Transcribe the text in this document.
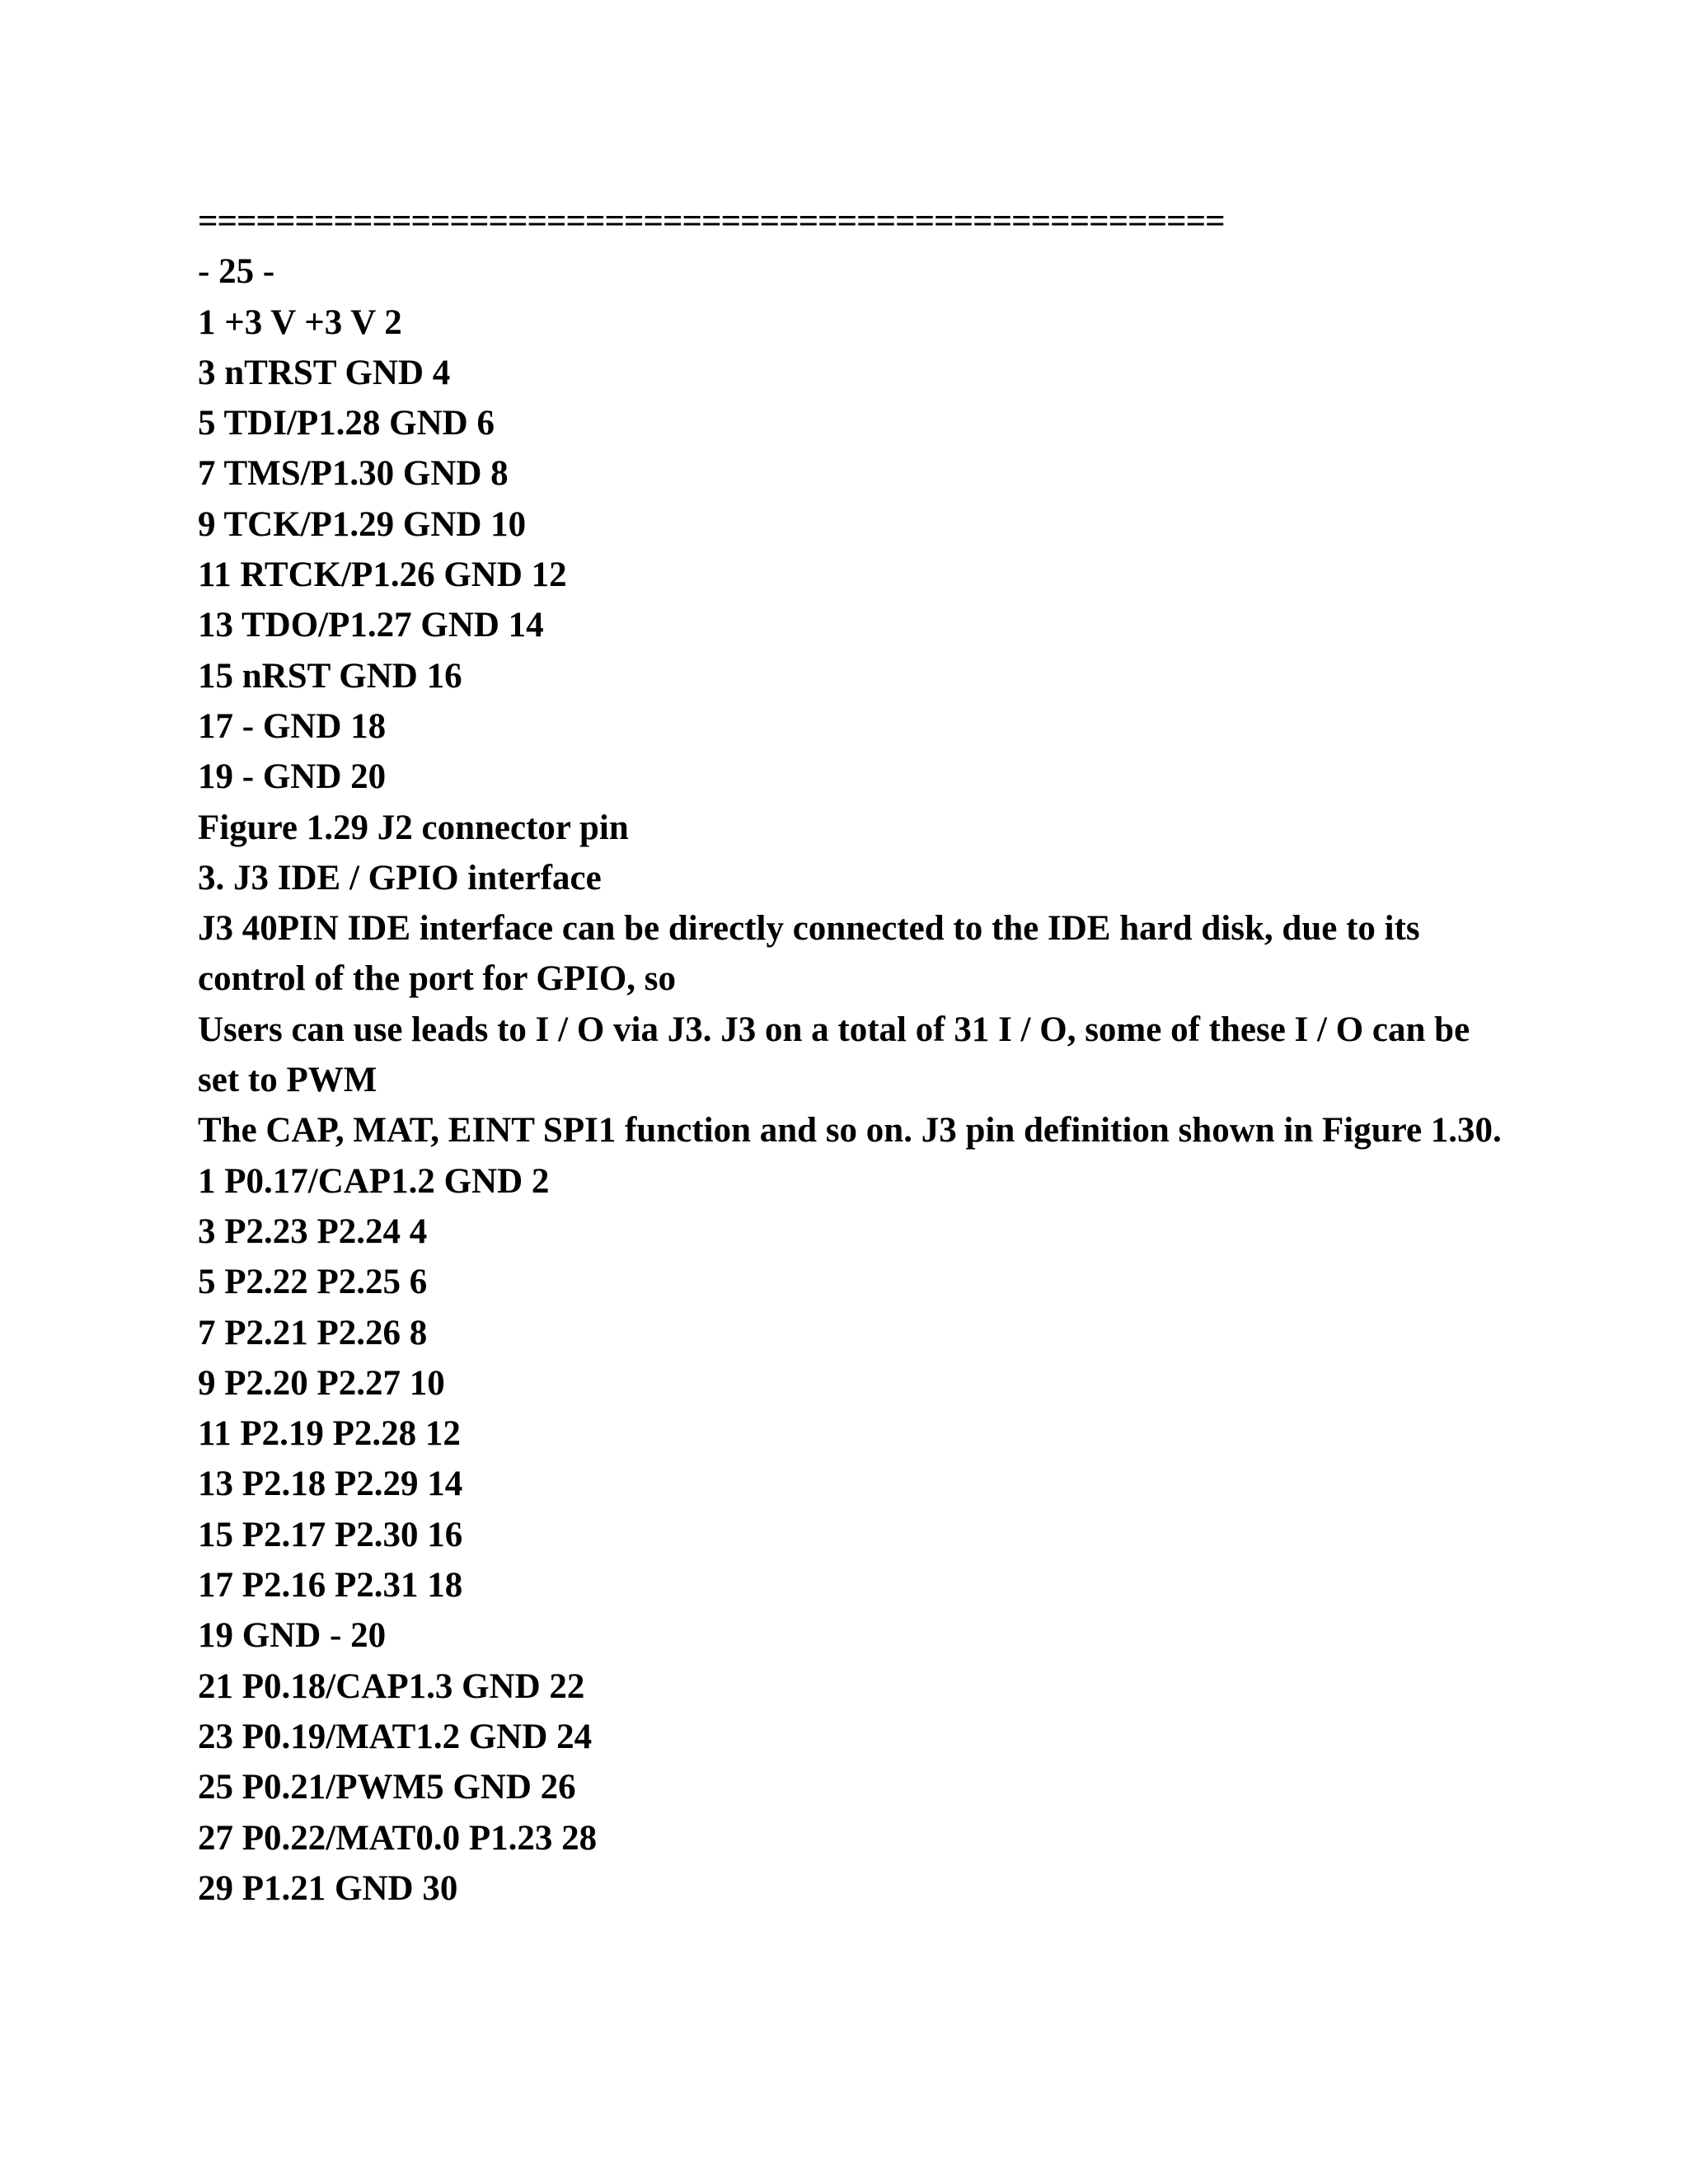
=====================================================
- 25 -
1 +3 V +3 V 2
3 nTRST GND 4
5 TDI/P1.28 GND 6
7 TMS/P1.30 GND 8
9 TCK/P1.29 GND 10
11 RTCK/P1.26 GND 12
13 TDO/P1.27 GND 14
15 nRST GND 16
17 - GND 18
19 - GND 20
Figure 1.29 J2 connector pin
3. J3 IDE / GPIO interface
J3 40PIN IDE interface can be directly connected to the IDE hard disk, due to its control of the port for GPIO, so
Users can use leads to I / O via J3. J3 on a total of 31 I / O, some of these I / O can be set to PWM
The CAP, MAT, EINT SPI1 function and so on. J3 pin definition shown in Figure 1.30.
1 P0.17/CAP1.2 GND 2
3 P2.23 P2.24 4
5 P2.22 P2.25 6
7 P2.21 P2.26 8
9 P2.20 P2.27 10
11 P2.19 P2.28 12
13 P2.18 P2.29 14
15 P2.17 P2.30 16
17 P2.16 P2.31 18
19 GND - 20
21 P0.18/CAP1.3 GND 22
23 P0.19/MAT1.2 GND 24
25 P0.21/PWM5 GND 26
27 P0.22/MAT0.0 P1.23 28
29 P1.21 GND 30
